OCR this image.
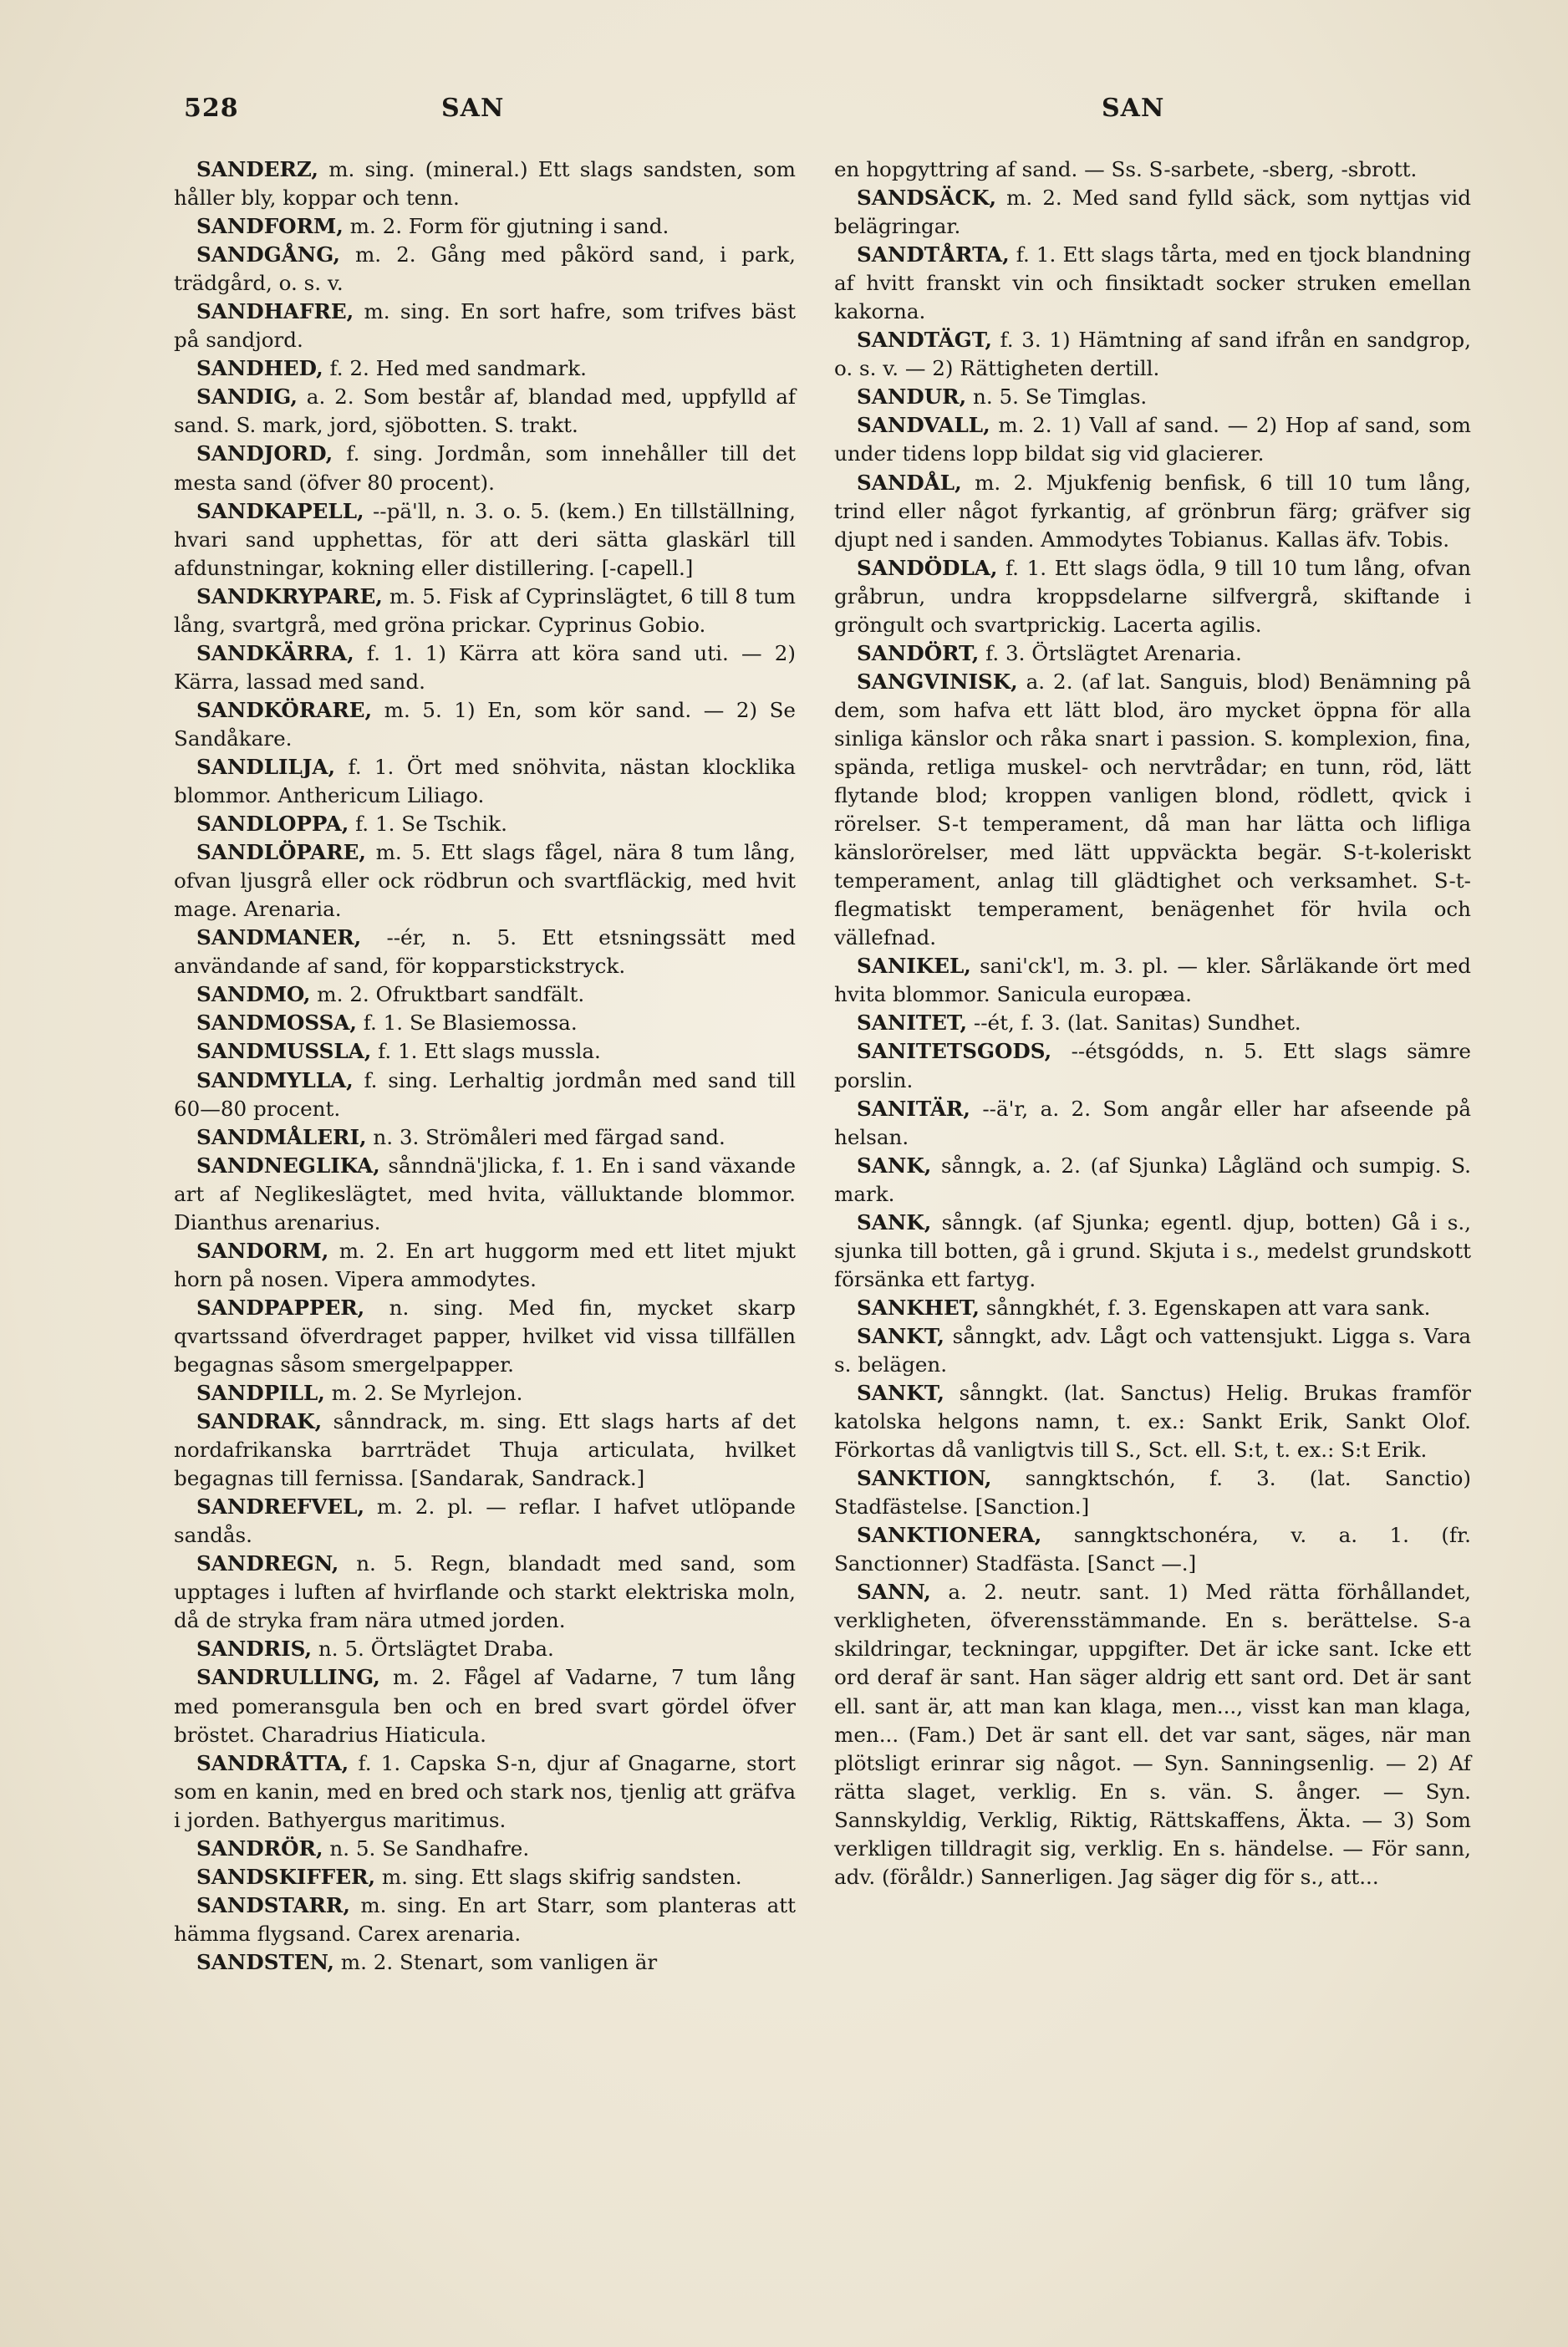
528	SAN	SAN

SANDERZ, m. sing. (mineral.) Ett slags sandsten, som håller bly, koppar och tenn.

SANDFORM, m. 2. Form för gjutning i sand.

SANDGÅNG, m. 2. Gång med påkörd sand, i park, trädgård, o. s. v.

SANDHAFRE, m. sing. En sort hafre, som trifves bäst på sandjord.

SANDHED, f. 2. Hed med sandmark.

SANDIG, a. 2. Som består af, blandad med, uppfylld af sand. S. mark, jord, sjöbotten. S. trakt.

SANDJORD, f. sing. Jordmån, som innehåller till det mesta sand (öfver 80 procent).

SANDKAPELL, --pä'll, n. 3. o. 5. (kem.) En tillställning, hvari sand upphettas, för att deri sätta glaskärl till afdunstningar, kokning eller distillering. [-capell.]

SANDKRYPARE, m. 5. Fisk af Cyprinslägtet, 6 till 8 tum lång, svartgrå, med gröna prickar. Cyprinus Gobio.

SANDKÄRRA, f. 1. 1) Kärra att köra sand uti. — 2) Kärra, lassad med sand.

SANDKÖRARE, m. 5. 1) En, som kör sand. — 2) Se Sandåkare.

SANDLILJA, f. 1. Ört med snöhvita, nästan klocklika blommor. Anthericum Liliago.

SANDLOPPA, f. 1. Se Tschik.

SANDLÖPARE, m. 5. Ett slags fågel, nära 8 tum lång, ofvan ljusgrå eller ock rödbrun och svartfläckig, med hvit mage. Arenaria.

SANDMANER, --ér, n. 5. Ett etsningssätt med användande af sand, för kopparstickstryck.

SANDMO, m. 2. Ofruktbart sandfält.

SANDMOSSA, f. 1. Se Blasiemossa.

SANDMUSSLA, f. 1. Ett slags mussla.

SANDMYLLA, f. sing. Lerhaltig jordmån med sand till 60—80 procent.

SANDMÅLERI, n. 3. Strömåleri med färgad sand.

SANDNEGLIKA, sånndnä'jlicka, f. 1. En i sand växande art af Neglikeslägtet, med hvita, välluktande blommor. Dianthus arenarius.

SANDORM, m. 2. En art huggorm med ett litet mjukt horn på nosen. Vipera ammodytes.

SANDPAPPER, n. sing. Med fin, mycket skarp qvartssand öfverdraget papper, hvilket vid vissa tillfällen begagnas såsom smergelpapper.

SANDPILL, m. 2. Se Myrlejon.

SANDRAK, sånndrack, m. sing. Ett slags harts af det nordafrikanska barrträdet Thuja articulata, hvilket begagnas till fernissa. [Sandarak, Sandrack.]

SANDREFVEL, m. 2. pl. — reflar. I hafvet utlöpande sandås.

SANDREGN, n. 5. Regn, blandadt med sand, som upptages i luften af hvirflande och starkt elektriska moln, då de stryka fram nära utmed jorden.

SANDRIS, n. 5. Örtslägtet Draba.

SANDRULLING, m. 2. Fågel af Vadarne, 7 tum lång med pomeransgula ben och en bred svart gördel öfver bröstet. Charadrius Hiaticula.

SANDRÅTTA, f. 1. Capska S-n, djur af Gnagarne, stort som en kanin, med en bred och stark nos, tjenlig att gräfva i jorden. Bathyergus maritimus.

SANDRÖR, n. 5. Se Sandhafre.

SANDSKIFFER, m. sing. Ett slags skifrig sandsten.

SANDSTARR, m. sing. En art Starr, som planteras att hämma flygsand. Carex arenaria.

SANDSTEN, m. 2. Stenart, som vanligen är

en hopgyttring af sand. — Ss. S-sarbete, -sberg, -sbrott.

SANDSÄCK, m. 2. Med sand fylld säck, som nyttjas vid belägringar.

SANDTÅRTA, f. 1. Ett slags tårta, med en tjock blandning af hvitt franskt vin och finsiktadt socker struken emellan kakorna.

SANDTÄGT, f. 3. 1) Hämtning af sand ifrån en sandgrop, o. s. v. — 2) Rättigheten dertill.

SANDUR, n. 5. Se Timglas.

SANDVALL, m. 2. 1) Vall af sand. — 2) Hop af sand, som under tidens lopp bildat sig vid glacierer.

SANDÅL, m. 2. Mjukfenig benfisk, 6 till 10 tum lång, trind eller något fyrkantig, af grönbrun färg; gräfver sig djupt ned i sanden. Ammodytes Tobianus. Kallas äfv. Tobis.

SANDÖDLA, f. 1. Ett slags ödla, 9 till 10 tum lång, ofvan gråbrun, undra kroppsdelarne silfvergrå, skiftande i gröngult och svartprickig. Lacerta agilis.

SANDÖRT, f. 3. Örtslägtet Arenaria.

SANGVINISK, a. 2. (af lat. Sanguis, blod) Benämning på dem, som hafva ett lätt blod, äro mycket öppna för alla sinliga känslor och råka snart i passion. S. komplexion, fina, spända, retliga muskel- och nervtrådar; en tunn, röd, lätt flytande blod; kroppen vanligen blond, rödlett, qvick i rörelser. S-t temperament, då man har lätta och lifliga känslorörelser, med lätt uppväckta begär. S-t-koleriskt temperament, anlag till glädtighet och verksamhet. S-t-flegmatiskt temperament, benägenhet för hvila och vällefnad.

SANIKEL, sani'ck'l, m. 3. pl. — kler. Sårläkande ört med hvita blommor. Sanicula europæa.

SANITET, --ét, f. 3. (lat. Sanitas) Sundhet.

SANITETSGODS, --étsgódds, n. 5. Ett slags sämre porslin.

SANITÄR, --ä'r, a. 2. Som angår eller har afseende på helsan.

SANK, sånngk, a. 2. (af Sjunka) Lågländ och sumpig. S. mark.

SANK, sånngk. (af Sjunka; egentl. djup, botten) Gå i s., sjunka till botten, gå i grund. Skjuta i s., medelst grundskott försänka ett fartyg.

SANKHET, sånngkhét, f. 3. Egenskapen att vara sank.

SANKT, sånngkt, adv. Lågt och vattensjukt. Ligga s. Vara s. belägen.

SANKT, sånngkt. (lat. Sanctus) Helig. Brukas framför katolska helgons namn, t. ex.: Sankt Erik, Sankt Olof. Förkortas då vanligtvis till S., Sct. ell. S:t, t. ex.: S:t Erik.

SANKTION, sanngktschón, f. 3. (lat. Sanctio) Stadfästelse. [Sanction.]

SANKTIONERA, sanngktschonéra, v. a. 1. (fr. Sanctionner) Stadfästa. [Sanct —.]

SANN, a. 2. neutr. sant. 1) Med rätta förhållandet, verkligheten, öfverensstämmande. En s. berättelse. S-a skildringar, teckningar, uppgifter. Det är icke sant. Icke ett ord deraf är sant. Han säger aldrig ett sant ord. Det är sant ell. sant är, att man kan klaga, men..., visst kan man klaga, men... (Fam.) Det är sant ell. det var sant, säges, när man plötsligt erinrar sig något. — Syn. Sanningsenlig. — 2) Af rätta slaget, verklig. En s. vän. S. ånger. — Syn. Sannskyldig, Verklig, Riktig, Rättskaffens, Äkta. — 3) Som verkligen tilldragit sig, verklig. En s. händelse. — För sann, adv. (föråldr.) Sannerligen. Jag säger dig för s., att...
